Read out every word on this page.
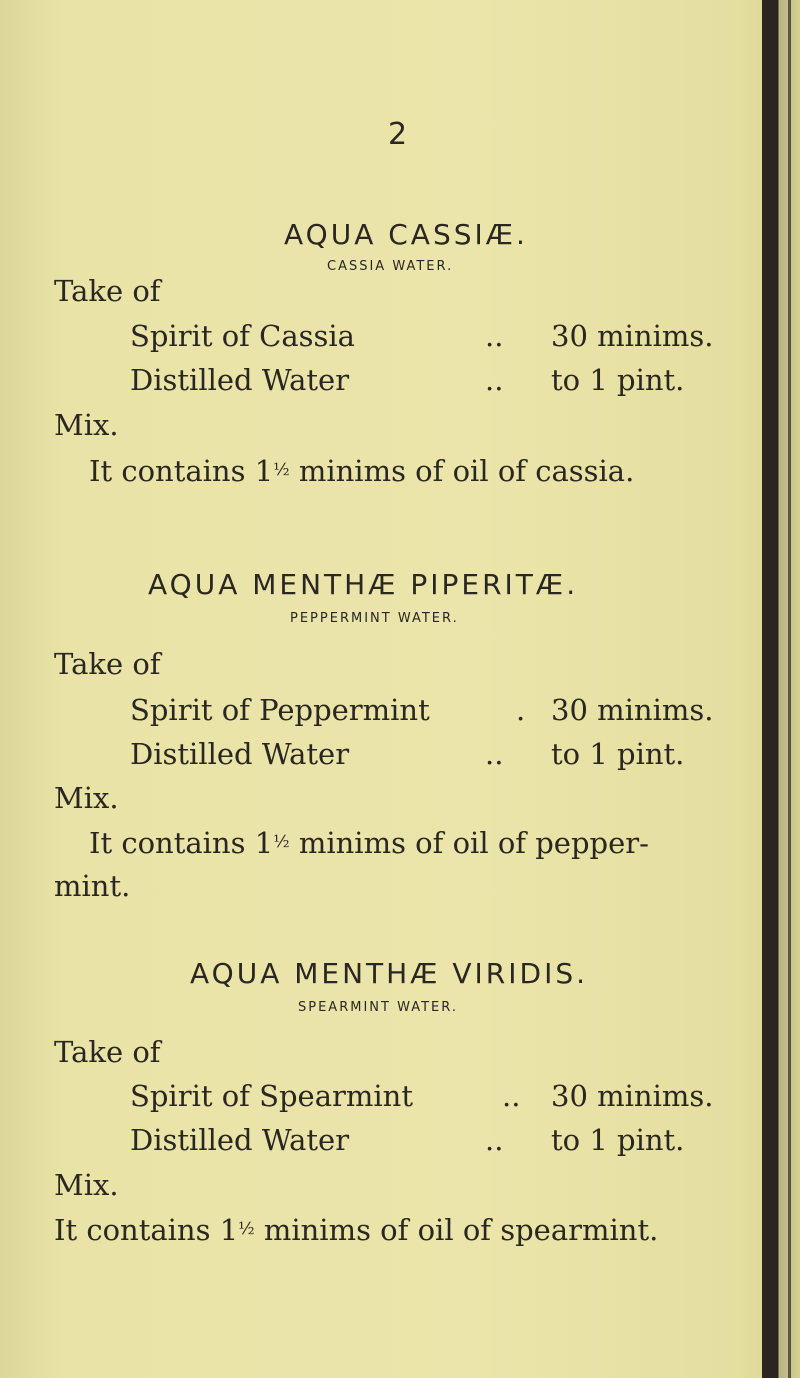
2
AQUA CASSIÆ.
CASSIA WATER.
Take of
Spirit of Cassia	.. 30 minims.
Distilled Water	.. to 1 pint.
Mix.
It contains $1^{\frac{1}{2}}$ minims of oil of cassia.
AQUA MENTHÆ PIPERITÆ.
PEPPERMINT WATER.
Take of
Spirit of Peppermint	. 30 minims.
Distilled Water	.. to 1 pint.
Mix.
It contains $1^{\frac{1}{2}}$ minims of oil of pepper-
mint.
AQUA MENTHÆ VIRIDIS.
SPEARMINT WATER.
Take of
Spirit of Spearmint	.. 30 minims.
Distilled Water	.. to 1 pint.
Mix.
It contains $1^{\frac{1}{2}}$ minims of oil of spearmint.
